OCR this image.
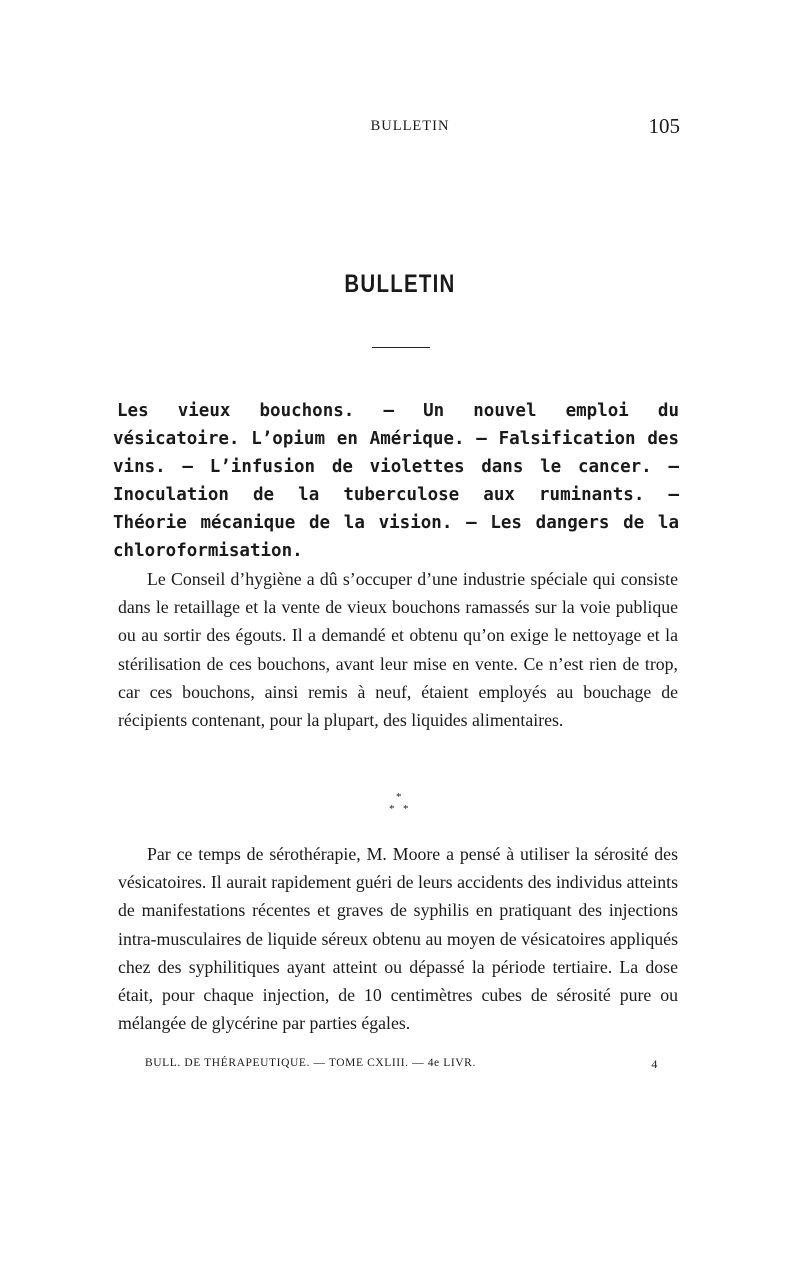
BULLETIN	105
BULLETIN

Les vieux bouchons. — Un nouvel emploi du vésicatoire. L’opium en Amérique. — Falsification des vins. — L’infusion de violettes dans le cancer. — Inoculation de la tuberculose aux ruminants. — Théorie mécanique de la vision. — Les dangers de la chloroformisation.

Le Conseil d’hygiène a dû s’occuper d’une industrie spéciale qui consiste dans le retaillage et la vente de vieux bouchons ramassés sur la voie publique ou au sortir des égouts. Il a demandé et obtenu qu’on exige le nettoyage et la stérilisation de ces bouchons, avant leur mise en vente. Ce n’est rien de trop, car ces bouchons, ainsi remis à neuf, étaient employés au bouchage de récipients contenant, pour la plupart, des liquides alimentaires.

*
* *

Par ce temps de sérothérapie, M. Moore a pensé à utiliser la sérosité des vésicatoires. Il aurait rapidement guéri de leurs accidents des individus atteints de manifestations récentes et graves de syphilis en pratiquant des injections intra-musculaires de liquide séreux obtenu au moyen de vésicatoires appliqués chez des syphilitiques ayant atteint ou dépassé la période tertiaire. La dose était, pour chaque injection, de 10 centimètres cubes de sérosité pure ou mélangée de glycérine par parties égales.

BULL. DE THÉRAPEUTIQUE. — TOME CXLIII. — 4e LIVR.	4
